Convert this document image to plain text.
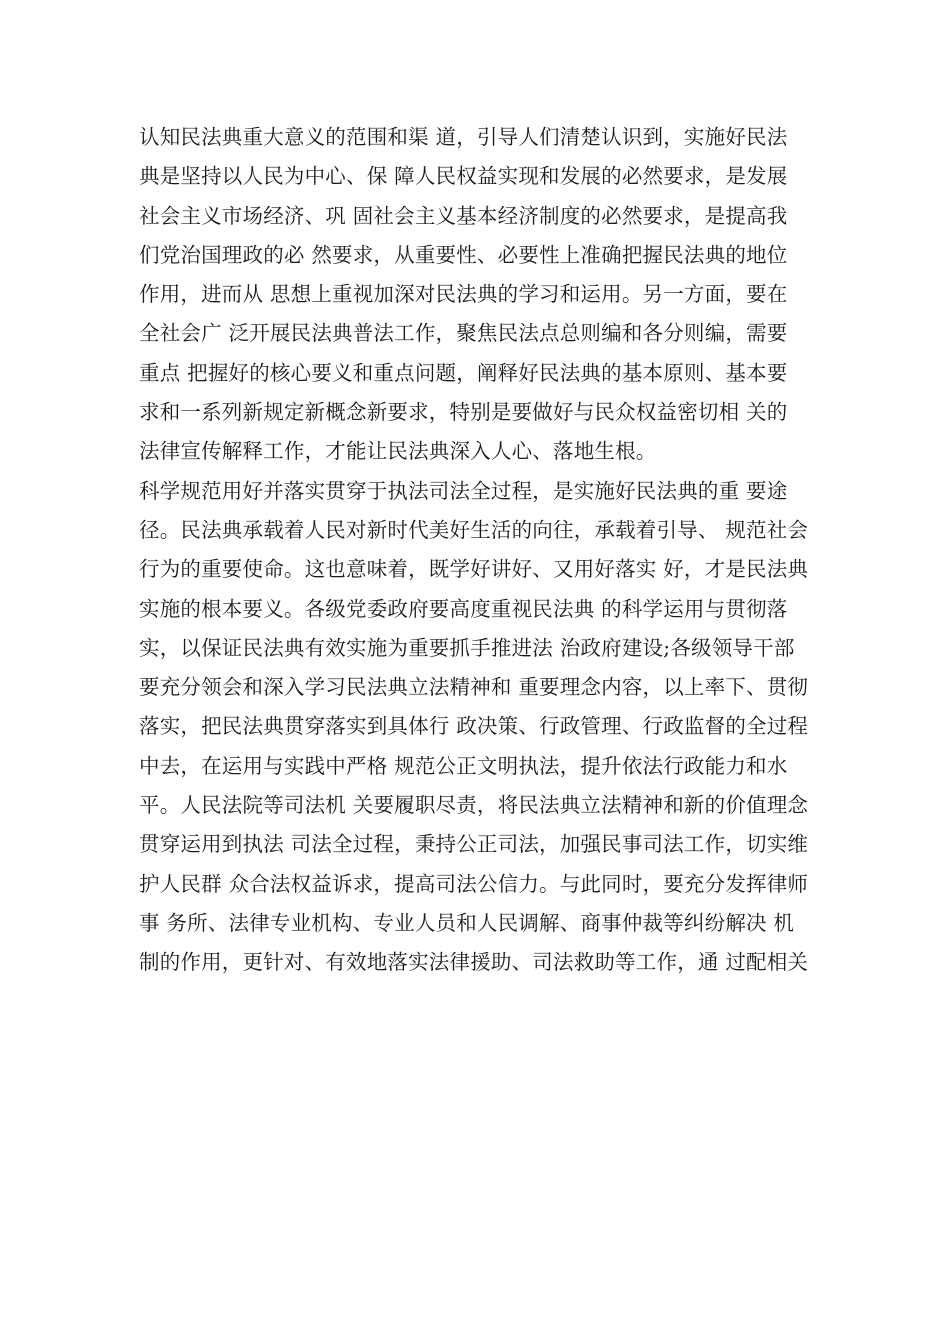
认知民法典重大意义的范围和渠 道，引导人们清楚认识到，实施好民法
典是坚持以人民为中心、保 障人民权益实现和发展的必然要求，是发展
社会主义市场经济、巩 固社会主义基本经济制度的必然要求，是提高我
们党治国理政的必 然要求，从重要性、必要性上准确把握民法典的地位
作用，进而从 思想上重视加深对民法典的学习和运用。另一方面，要在
全社会广 泛开展民法典普法工作，聚焦民法点总则编和各分则编，需要
重点 把握好的核心要义和重点问题，阐释好民法典的基本原则、基本要
求和一系列新规定新概念新要求，特别是要做好与民众权益密切相 关的
法律宣传解释工作，才能让民法典深入人心、落地生根。
科学规范用好并落实贯穿于执法司法全过程，是实施好民法典的重 要途
径。民法典承载着人民对新时代美好生活的向往，承载着引导、 规范社会
行为的重要使命。这也意味着，既学好讲好、又用好落实 好，才是民法典
实施的根本要义。各级党委政府要高度重视民法典 的科学运用与贯彻落
实，以保证民法典有效实施为重要抓手推进法 治政府建设;各级领导干部
要充分领会和深入学习民法典立法精神和 重要理念内容，以上率下、贯彻
落实，把民法典贯穿落实到具体行 政决策、行政管理、行政监督的全过程
中去，在运用与实践中严格 规范公正文明执法，提升依法行政能力和水
平。人民法院等司法机 关要履职尽责，将民法典立法精神和新的价值理念
贯穿运用到执法 司法全过程，秉持公正司法，加强民事司法工作，切实维
护人民群 众合法权益诉求，提高司法公信力。与此同时，要充分发挥律师
事 务所、法律专业机构、专业人员和人民调解、商事仲裁等纠纷解决 机
制的作用，更针对、有效地落实法律援助、司法救助等工作，通 过配相关
